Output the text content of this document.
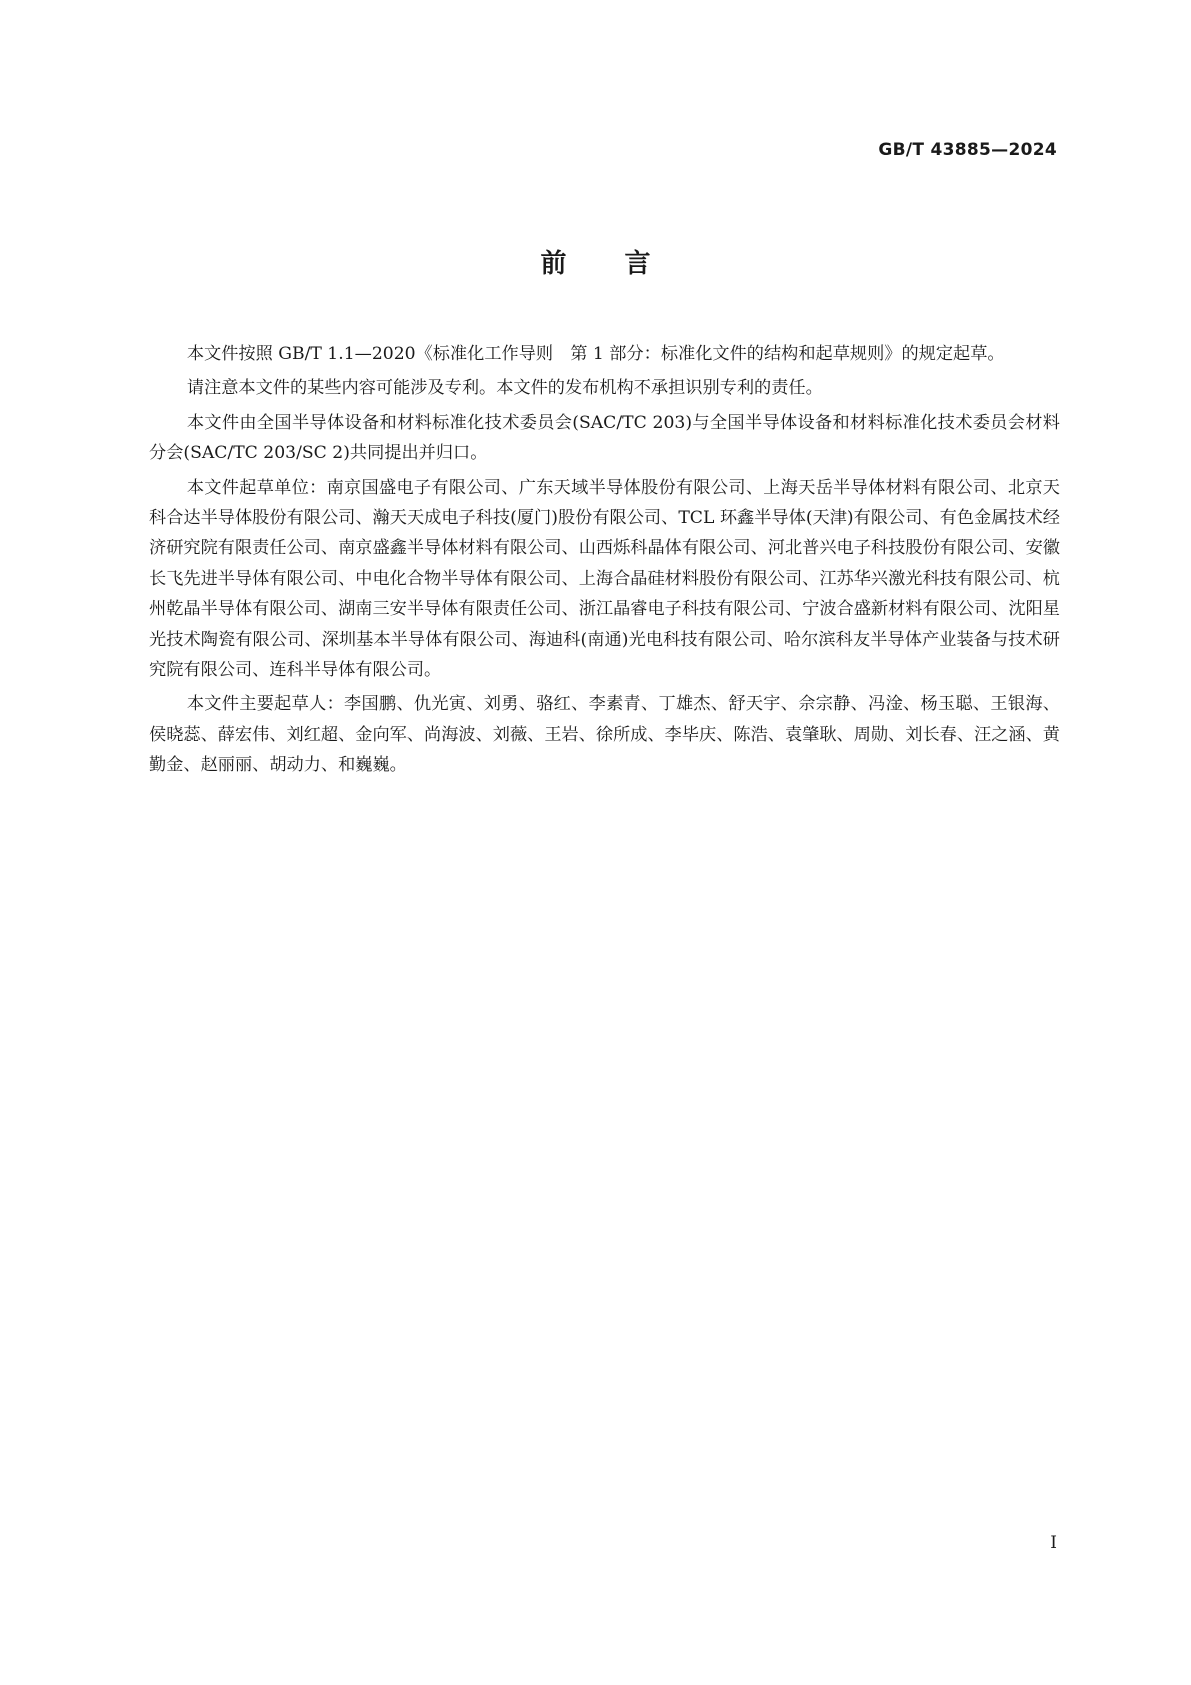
GB/T 43885—2024
前言

本文件按照 GB/T 1.1—2020《标准化工作导则　第 1 部分：标准化文件的结构和起草规则》的规定起草。

请注意本文件的某些内容可能涉及专利。本文件的发布机构不承担识别专利的责任。

本文件由全国半导体设备和材料标准化技术委员会(SAC/TC 203)与全国半导体设备和材料标准化技术委员会材料分会(SAC/TC 203/SC 2)共同提出并归口。

本文件起草单位：南京国盛电子有限公司、广东天域半导体股份有限公司、上海天岳半导体材料有限公司、北京天科合达半导体股份有限公司、瀚天天成电子科技(厦门)股份有限公司、TCL 环鑫半导体(天津)有限公司、有色金属技术经济研究院有限责任公司、南京盛鑫半导体材料有限公司、山西烁科晶体有限公司、河北普兴电子科技股份有限公司、安徽长飞先进半导体有限公司、中电化合物半导体有限公司、上海合晶硅材料股份有限公司、江苏华兴激光科技有限公司、杭州乾晶半导体有限公司、湖南三安半导体有限责任公司、浙江晶睿电子科技有限公司、宁波合盛新材料有限公司、沈阳星光技术陶瓷有限公司、深圳基本半导体有限公司、海迪科(南通)光电科技有限公司、哈尔滨科友半导体产业装备与技术研究院有限公司、连科半导体有限公司。

本文件主要起草人：李国鹏、仇光寅、刘勇、骆红、李素青、丁雄杰、舒天宇、佘宗静、冯淦、杨玉聪、王银海、侯晓蕊、薛宏伟、刘红超、金向军、尚海波、刘薇、王岩、徐所成、李毕庆、陈浩、袁肇耿、周勋、刘长春、汪之涵、黄勤金、赵丽丽、胡动力、和巍巍。

I
